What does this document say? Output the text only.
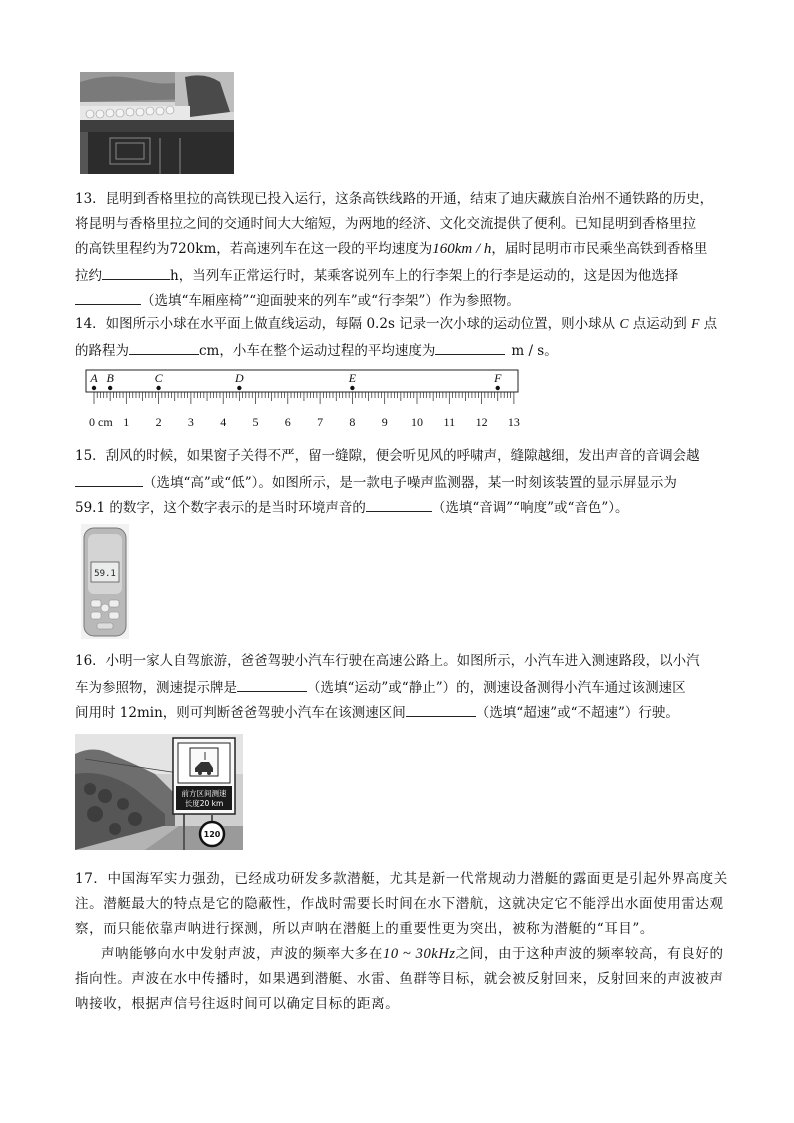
13．昆明到香格里拉的高铁现已投入运行，这条高铁线路的开通，结束了迪庆藏族自治州不通铁路的历史，
将昆明与香格里拉之间的交通时间大大缩短，为两地的经济、文化交流提供了便利。已知昆明到香格里拉
的高铁里程约为720km，若高速列车在这一段的平均速度为160km / h，届时昆明市市民乘坐高铁到香格里
拉约	h，当列车正常运行时，某乘客说列车上的行李架上的行李是运动的，这是因为他选择
（选填“车厢座椅”“迎面驶来的列车”或“行李架”）作为参照物。
14．如图所示小球在水平面上做直线运动，每隔 0.2s 记录一次小球的运动位置，则小球从 C 点运动到 F 点
的路程为	cm，小车在整个运动过程的平均速度为	m / s。
A B	C	D	E	F
0 cm 1 2 3 4 5 6 7 8 9 10 11 12 13
15．刮风的时候，如果窗子关得不严，留一缝隙，便会听见风的呼啸声，缝隙越细，发出声音的音调会越
（选填“高”或“低”）。如图所示，是一款电子噪声监测器，某一时刻该装置的显示屏显示为
59.1 的数字，这个数字表示的是当时环境声音的	（选填“音调”“响度”或“音色”）。
59.1
16．小明一家人自驾旅游，爸爸驾驶小汽车行驶在高速公路上。如图所示，小汽车进入测速路段，以小汽
车为参照物，测速提示牌是	（选填“运动”或“静止”）的，测速设备测得小汽车通过该测速区
间用时 12min，则可判断爸爸驾驶小汽车在该测速区间	（选填“超速”或“不超速”）行驶。
前方区间测速
长度20 km
120
17．中国海军实力强劲，已经成功研发多款潜艇，尤其是新一代常规动力潜艇的露面更是引起外界高度关
注。潜艇最大的特点是它的隐蔽性，作战时需要长时间在水下潜航，这就决定它不能浮出水面使用雷达观
察，而只能依靠声呐进行探测，所以声呐在潜艇上的重要性更为突出，被称为潜艇的“耳目”。
声呐能够向水中发射声波，声波的频率大多在10 ~ 30kHz之间，由于这种声波的频率较高，有良好的
指向性。声波在水中传播时，如果遇到潜艇、水雷、鱼群等目标，就会被反射回来，反射回来的声波被声
呐接收，根据声信号往返时间可以确定目标的距离。
